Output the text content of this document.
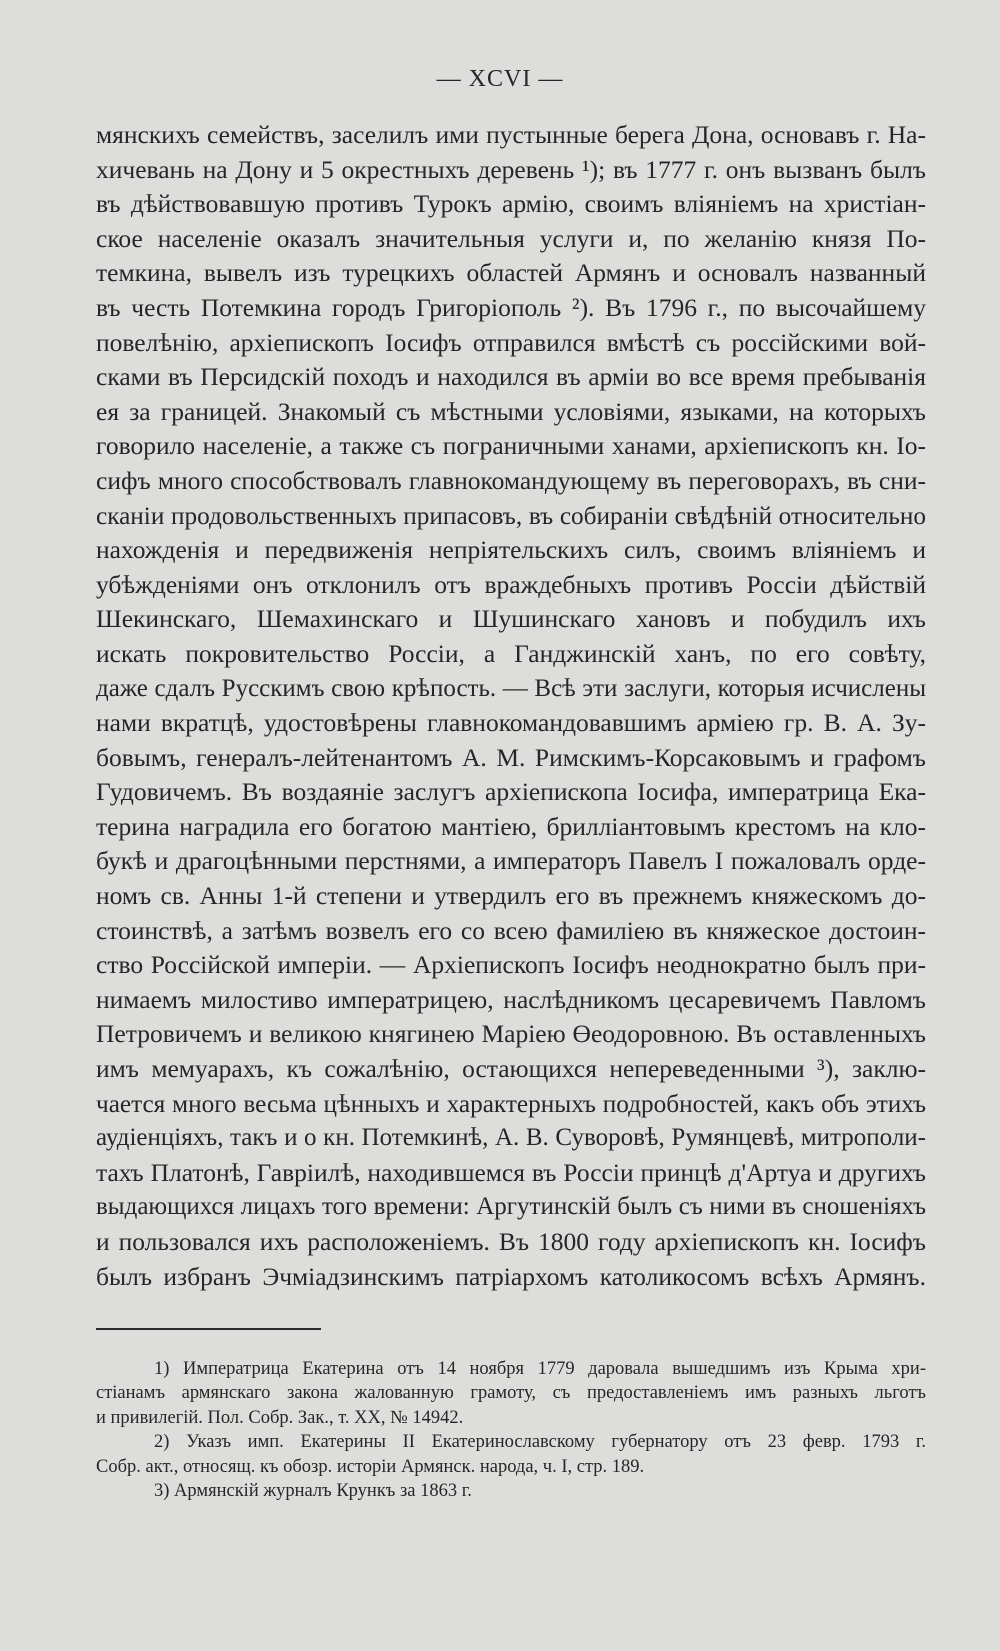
— XCVI —
мянскихъ семействъ, заселилъ ими пустынные берега Дона, основавъ г. На-
хичевань на Дону и 5 окрестныхъ деревень ¹); въ 1777 г. онъ вызванъ былъ
въ дѣйствовавшую противъ Турокъ армію, своимъ вліяніемъ на христіан-
ское населеніе оказалъ значительныя услуги и, по желанію князя По-
темкина, вывелъ изъ турецкихъ областей Армянъ и основалъ названный
въ честь Потемкина городъ Григоріополь ²). Въ 1796 г., по высочайшему
повелѣнію, архіепископъ Іосифъ отправился вмѣстѣ съ россійскими вой-
сками въ Персидскій походъ и находился въ арміи во все время пребыванія
ея за границей. Знакомый съ мѣстными условіями, языками, на которыхъ
говорило населеніе, а также съ пограничными ханами, архіепископъ кн. Іо-
сифъ много способствовалъ главнокомандующему въ переговорахъ, въ сни-
сканіи продовольственныхъ припасовъ, въ собираніи свѣдѣній относительно
нахожденія и передвиженія непріятельскихъ силъ, своимъ вліяніемъ и
убѣжденіями онъ отклонилъ отъ враждебныхъ противъ Россіи дѣйствій
Шекинскаго, Шемахинскаго и Шушинскаго хановъ и побудилъ ихъ
искать покровительство Россіи, а Ганджинскій ханъ, по его совѣту,
даже сдалъ Русскимъ свою крѣпость. — Всѣ эти заслуги, которыя исчислены
нами вкратцѣ, удостовѣрены главнокомандовавшимъ арміею гр. В. А. Зу-
бовымъ, генералъ-лейтенантомъ А. М. Римскимъ-Корсаковымъ и графомъ
Гудовичемъ. Въ воздаяніе заслугъ архіепископа Іосифа, императрица Ека-
терина наградила его богатою мантіею, брилліантовымъ крестомъ на кло-
букѣ и драгоцѣнными перстнями, а императоръ Павелъ I пожаловалъ орде-
номъ св. Анны 1-й степени и утвердилъ его въ прежнемъ княжескомъ до-
стоинствѣ, а затѣмъ возвелъ его со всею фамиліею въ княжеское достоин-
ство Россійской имперіи. — Архіепископъ Іосифъ неоднократно былъ при-
нимаемъ милостиво императрицею, наслѣдникомъ цесаревичемъ Павломъ
Петровичемъ и великою княгинею Маріею Өеодоровною. Въ оставленныхъ
имъ мемуарахъ, къ сожалѣнію, остающихся непереведенными ³), заклю-
чается много весьма цѣнныхъ и характерныхъ подробностей, какъ объ этихъ
аудіенціяхъ, такъ и о кн. Потемкинѣ, А. В. Суворовѣ, Румянцевѣ, митрополи-
тахъ Платонѣ, Гавріилѣ, находившемся въ Россіи принцѣ д'Артуа и другихъ
выдающихся лицахъ того времени: Аргутинскій былъ съ ними въ сношеніяхъ
и пользовался ихъ расположеніемъ. Въ 1800 году архіепископъ кн. Іосифъ
былъ избранъ Эчміадзинскимъ патріархомъ католикосомъ всѣхъ Армянъ.
1) Императрица Екатерина отъ 14 ноября 1779 даровала вышедшимъ изъ Крыма хри-
стіанамъ армянскаго закона жалованную грамоту, съ предоставленіемъ имъ разныхъ льготъ
и привилегій. Пол. Собр. Зак., т. XX, № 14942.
2) Указъ имп. Екатерины II Екатеринославскому губернатору отъ 23 февр. 1793 г.
Собр. акт., относящ. къ обозр. исторіи Армянск. народа, ч. I, стр. 189.
3) Армянскій журналъ Крункъ за 1863 г.
